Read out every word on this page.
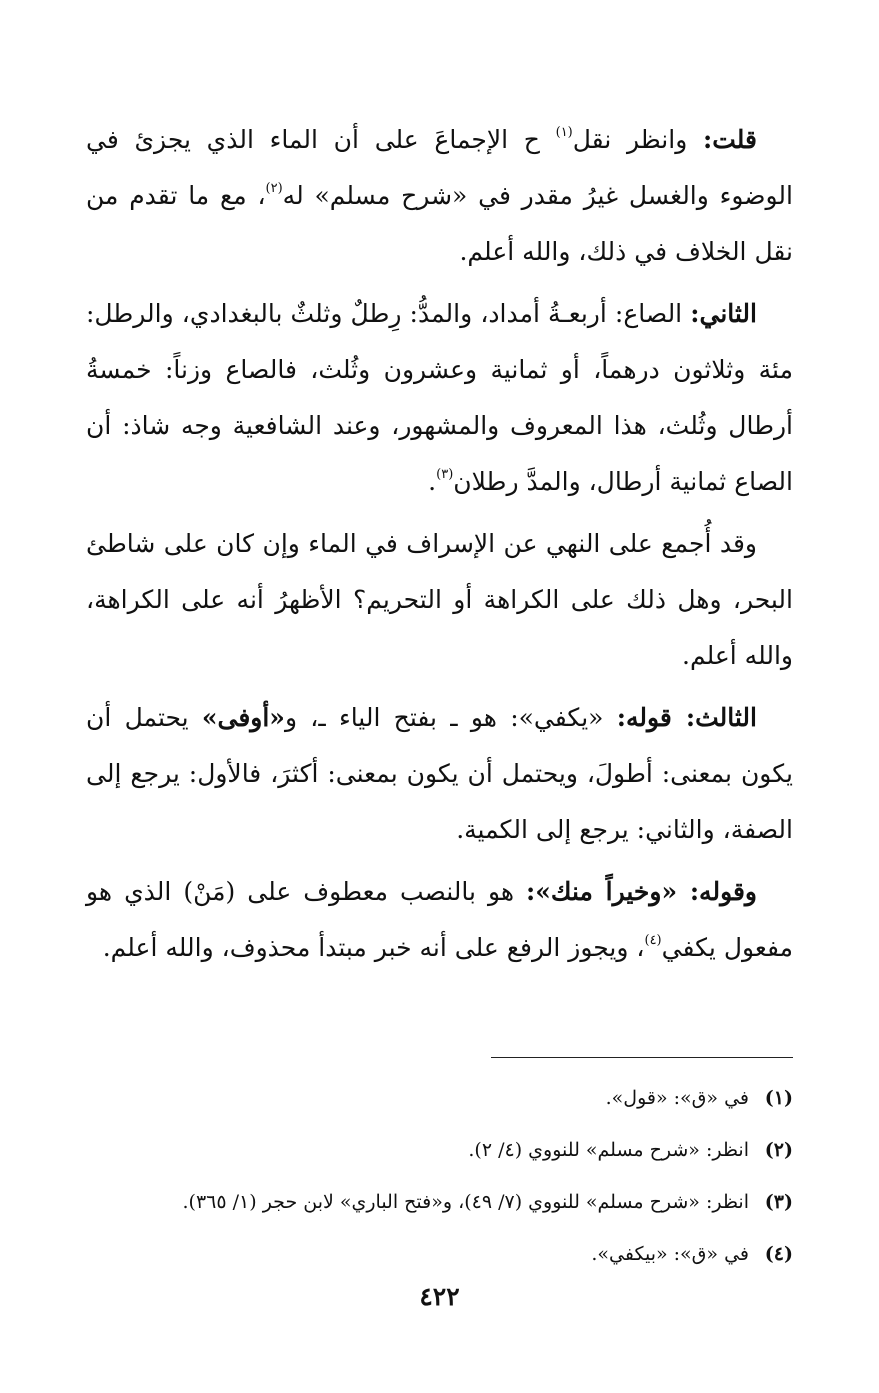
قلت: وانظر نقل$^{(١)}$ ح الإجماعَ على أن الماء الذي يجزئ في الوضوء والغسل غيرُ مقدر في «شرح مسلم» له$^{(٢)}$، مع ما تقدم من نقل الخلاف في ذلك، والله أعلم.

الثاني: الصاع: أربعـةُ أمداد، والمدُّ: رِطلٌ وثلثٌ بالبغدادي، والرطل: مئة وثلاثون درهماً، أو ثمانية وعشرون وثُلث، فالصاع وزناً: خمسةُ أرطال وثُلث، هذا المعروف والمشهور، وعند الشافعية وجه شاذ: أن الصاع ثمانية أرطال، والمدَّ رطلان$^{(٣)}$.

وقد أُجمع على النهي عن الإسراف في الماء وإن كان على شاطئ البحر، وهل ذلك على الكراهة أو التحريم؟ الأظهرُ أنه على الكراهة، والله أعلم.

الثالث: قوله: «يكفي»: هو ـ بفتح الياء ـ، و«أوفى» يحتمل أن يكون بمعنى: أطولَ، ويحتمل أن يكون بمعنى: أكثرَ، فالأول: يرجع إلى الصفة، والثاني: يرجع إلى الكمية.

وقوله: «وخيراً منك»: هو بالنصب معطوف على (مَنْ) الذي هو مفعول يكفي$^{(٤)}$، ويجوز الرفع على أنه خبر مبتدأ محذوف، والله أعلم.

(١)في «ق»: «قول».
(٢)انظر: «شرح مسلم» للنووي (٤/ ٢).
(٣)انظر: «شرح مسلم» للنووي (٧/ ٤٩)، و«فتح الباري» لابن حجر (١/ ٣٦٥).
(٤)في «ق»: «بيكفي».
٤٢٢
